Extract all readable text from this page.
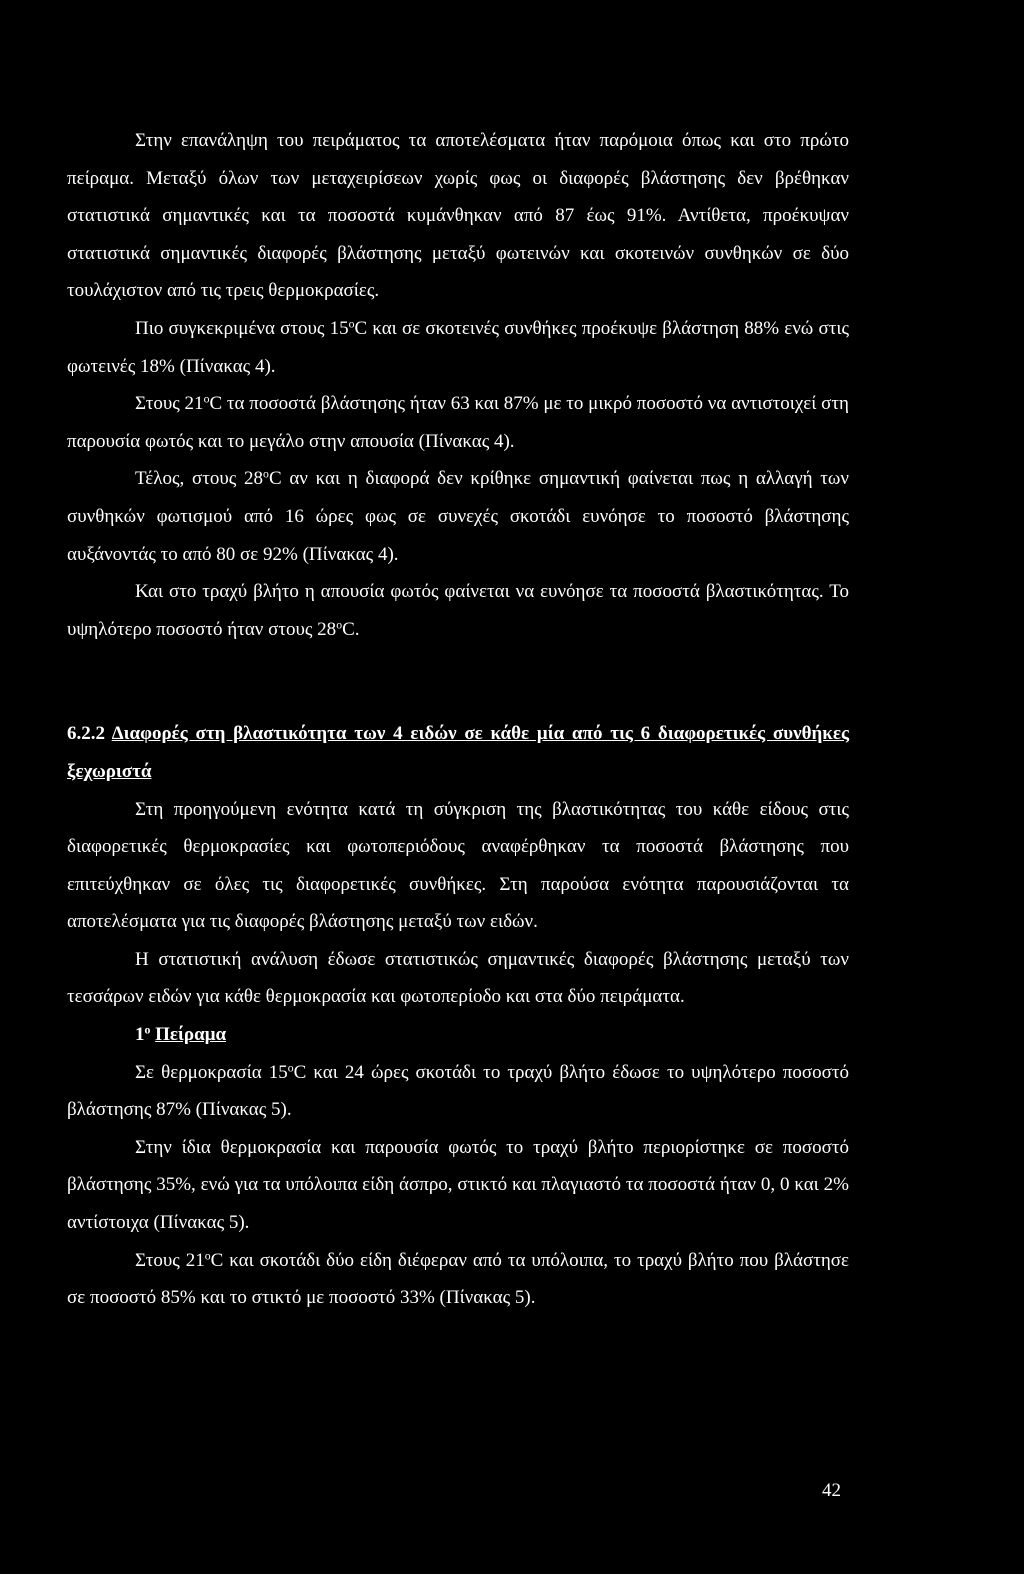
Στην επανάληψη του πειράματος τα αποτελέσματα ήταν παρόμοια όπως και στο πρώτο πείραμα. Μεταξύ όλων των μεταχειρίσεων χωρίς φως οι διαφορές βλάστησης δεν βρέθηκαν στατιστικά σημαντικές και τα ποσοστά κυμάνθηκαν από 87 έως 91%. Αντίθετα, προέκυψαν στατιστικά σημαντικές διαφορές βλάστησης μεταξύ φωτεινών και σκοτεινών συνθηκών σε δύο τουλάχιστον από τις τρεις θερμοκρασίες.

Πιο συγκεκριμένα στους 15$^o$C και σε σκοτεινές συνθήκες προέκυψε βλάστηση 88% ενώ στις φωτεινές 18% (Πίνακας 4).

Στους 21$^o$C τα ποσοστά βλάστησης ήταν 63 και 87% με το μικρό ποσοστό να αντιστοιχεί στη παρουσία φωτός και το μεγάλο στην απουσία (Πίνακας 4).

Τέλος, στους 28$^o$C αν και η διαφορά δεν κρίθηκε σημαντική φαίνεται πως η αλλαγή των συνθηκών φωτισμού από 16 ώρες φως σε συνεχές σκοτάδι ευνόησε το ποσοστό βλάστησης αυξάνοντάς το από 80 σε 92% (Πίνακας 4).

Και στο τραχύ βλήτο η απουσία φωτός φαίνεται να ευνόησε τα ποσοστά βλαστικότητας. Το υψηλότερο ποσοστό ήταν στους 28$^o$C.

6.2.2 Διαφορές στη βλαστικότητα των 4 ειδών σε κάθε μία από τις 6 διαφορετικές συνθήκες ξεχωριστά

Στη προηγούμενη ενότητα κατά τη σύγκριση της βλαστικότητας του κάθε είδους στις διαφορετικές θερμοκρασίες και φωτοπεριόδους αναφέρθηκαν τα ποσοστά βλάστησης που επιτεύχθηκαν σε όλες τις διαφορετικές συνθήκες. Στη παρούσα ενότητα παρουσιάζονται τα αποτελέσματα για τις διαφορές βλάστησης μεταξύ των ειδών.

Η στατιστική ανάλυση έδωσε στατιστικώς σημαντικές διαφορές βλάστησης μεταξύ των τεσσάρων ειδών για κάθε θερμοκρασία και φωτοπερίοδο και στα δύο πειράματα.

$1^o$ Πείραμα

Σε θερμοκρασία 15$^o$C και 24 ώρες σκοτάδι το τραχύ βλήτο έδωσε το υψηλότερο ποσοστό βλάστησης 87% (Πίνακας 5).

Στην ίδια θερμοκρασία και παρουσία φωτός το τραχύ βλήτο περιορίστηκε σε ποσοστό βλάστησης 35%, ενώ για τα υπόλοιπα είδη άσπρο, στικτό και πλαγιαστό τα ποσοστά ήταν 0, 0 και 2% αντίστοιχα (Πίνακας 5).

Στους 21$^o$C και σκοτάδι δύο είδη διέφεραν από τα υπόλοιπα, το τραχύ βλήτο που βλάστησε σε ποσοστό 85% και το στικτό με ποσοστό 33% (Πίνακας 5).

42
